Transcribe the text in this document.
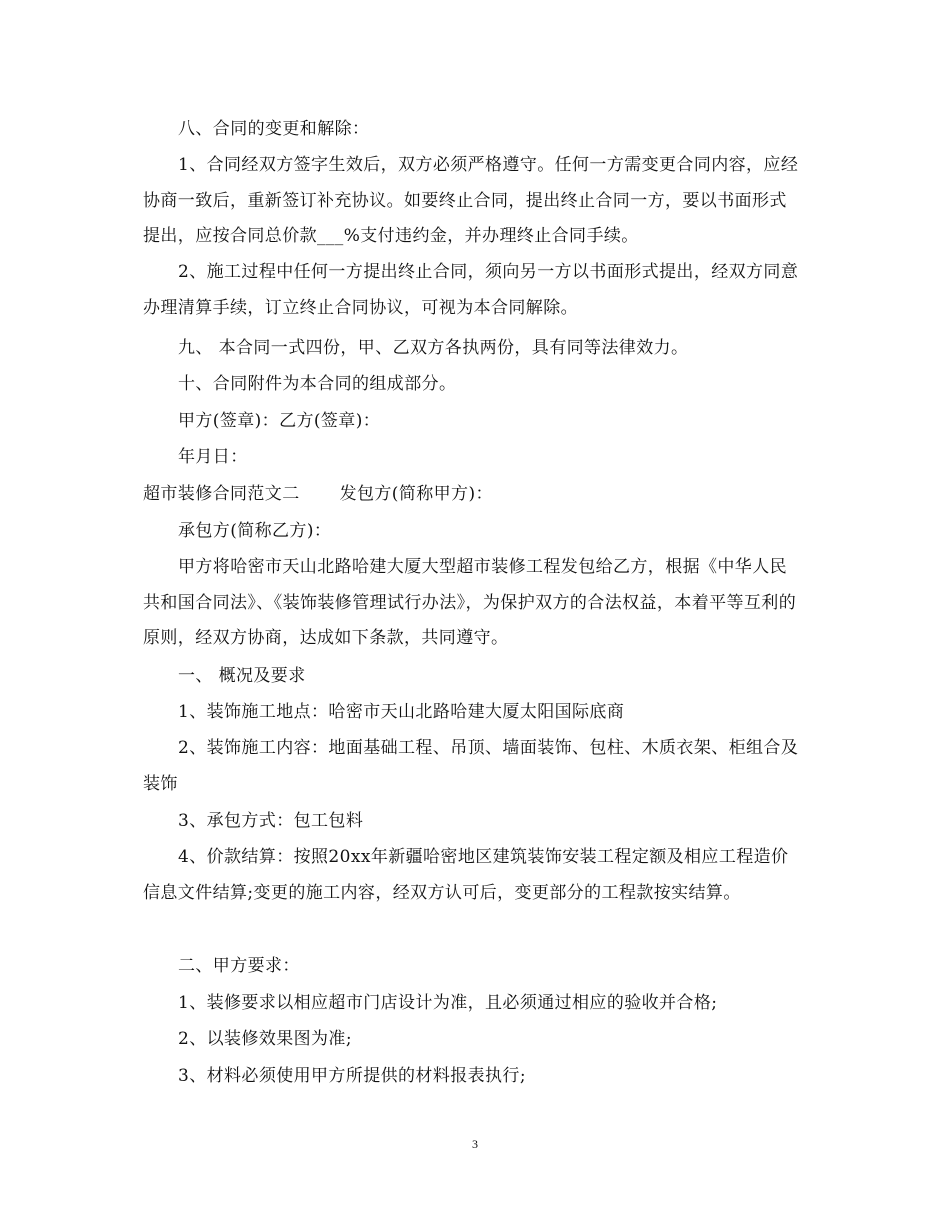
八、合同的变更和解除：

1、合同经双方签字生效后，双方必须严格遵守。任何一方需变更合同内容，应经协商一致后，重新签订补充协议。如要终止合同，提出终止合同一方，要以书面形式提出，应按合同总价款___%支付违约金，并办理终止合同手续。

2、施工过程中任何一方提出终止合同，须向另一方以书面形式提出，经双方同意办理清算手续，订立终止合同协议，可视为本合同解除。

九、 本合同一式四份，甲、乙双方各执两份，具有同等法律效力。

十、合同附件为本合同的组成部分。

甲方(签章)：乙方(签章)：

年月日：

超市装修合同范文二 发包方(简称甲方)：

承包方(简称乙方)：

甲方将哈密市天山北路哈建大厦大型超市装修工程发包给乙方，根据《中华人民共和国合同法》、《装饰装修管理试行办法》，为保护双方的合法权益，本着平等互利的原则，经双方协商，达成如下条款，共同遵守。

一、 概况及要求

1、装饰施工地点：哈密市天山北路哈建大厦太阳国际底商

2、装饰施工内容：地面基础工程、吊顶、墙面装饰、包柱、木质衣架、柜组合及装饰

3、承包方式：包工包料

4、价款结算：按照20xx年新疆哈密地区建筑装饰安装工程定额及相应工程造价信息文件结算;变更的施工内容，经双方认可后，变更部分的工程款按实结算。

二、甲方要求：

1、装修要求以相应超市门店设计为准，且必须通过相应的验收并合格;

2、以装修效果图为准;

3、材料必须使用甲方所提供的材料报表执行;

3
